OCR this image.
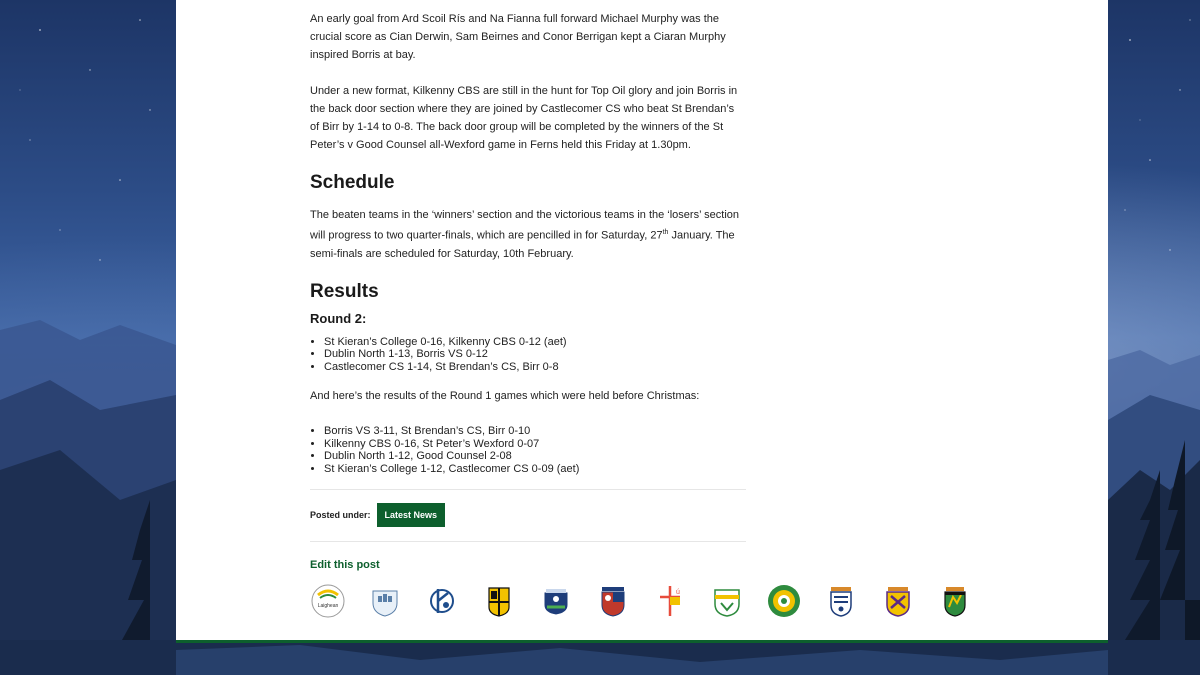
An early goal from Ard Scoil Rís and Na Fianna full forward Michael Murphy was the crucial score as Cian Derwin, Sam Beirnes and Conor Berrigan kept a Ciaran Murphy inspired Borris at bay.

Under a new format, Kilkenny CBS are still in the hunt for Top Oil glory and join Borris in the back door section where they are joined by Castlecomer CS who beat St Brendan’s of Birr by 1-14 to 0-8. The back door group will be completed by the winners of the St Peter’s v Good Counsel all-Wexford game in Ferns held this Friday at 1.30pm.

Schedule

The beaten teams in the ‘winners’ section and the victorious teams in the ‘losers’ section will progress to two quarter-finals, which are pencilled in for Saturday, 27th January. The semi-finals are scheduled for Saturday, 10th February.

Results
Round 2:
• St Kieran’s College 0-16, Kilkenny CBS 0-12 (aet)
• Dublin North 1-13, Borris VS 0-12
• Castlecomer CS 1-14, St Brendan’s CS, Birr 0-8

And here’s the results of the Round 1 games which were held before Christmas:

• Borris VS 3-11, St Brendan’s CS, Birr 0-10
• Kilkenny CBS 0-16, St Peter’s Wexford 0-07
• Dublin North 1-12, Good Counsel 2-08
• St Kieran’s College 1-12, Castlecomer CS 0-09 (aet)
Posted under:	Latest News
Edit this post
Laighean
ú
